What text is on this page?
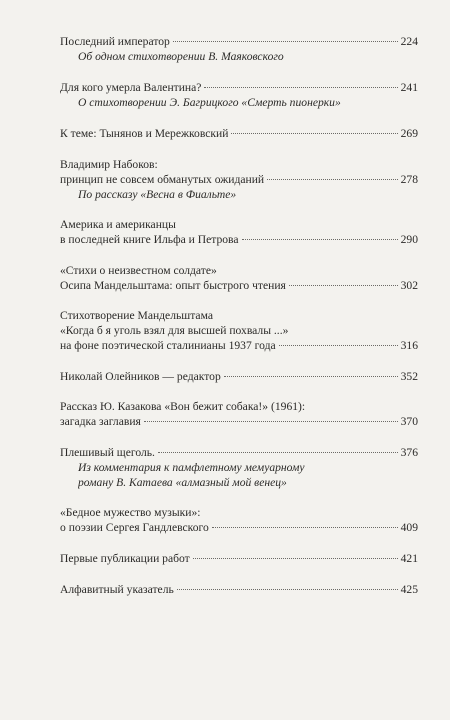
Последний император	224
Об одном стихотворении В. Маяковского
Для кого умерла Валентина?	241
О стихотворении Э. Багрицкого «Смерть пионерки»
К теме: Тынянов и Мережковский	269
Владимир Набоков:
принцип не совсем обманутых ожиданий	278
По рассказу «Весна в Фиальте»
Америка и американцы
в последней книге Ильфа и Петрова	290
«Стихи о неизвестном солдате»
Осипа Мандельштама: опыт быстрого чтения	302
Стихотворение Мандельштама
«Когда б я уголь взял для высшей похвалы ...»
на фоне поэтической сталинианы 1937 года	316
Николай Олейников — редактор	352
Рассказ Ю. Казакова «Вон бежит собака!» (1961):
загадка заглавия	370
Плешивый щеголь.	376
Из комментария к памфлетному мемуарному
роману В. Катаева «алмазный мой венец»
«Бедное мужество музыки»:
о поэзии Сергея Гандлевского	409
Первые публикации работ	421
Алфавитный указатель	425
